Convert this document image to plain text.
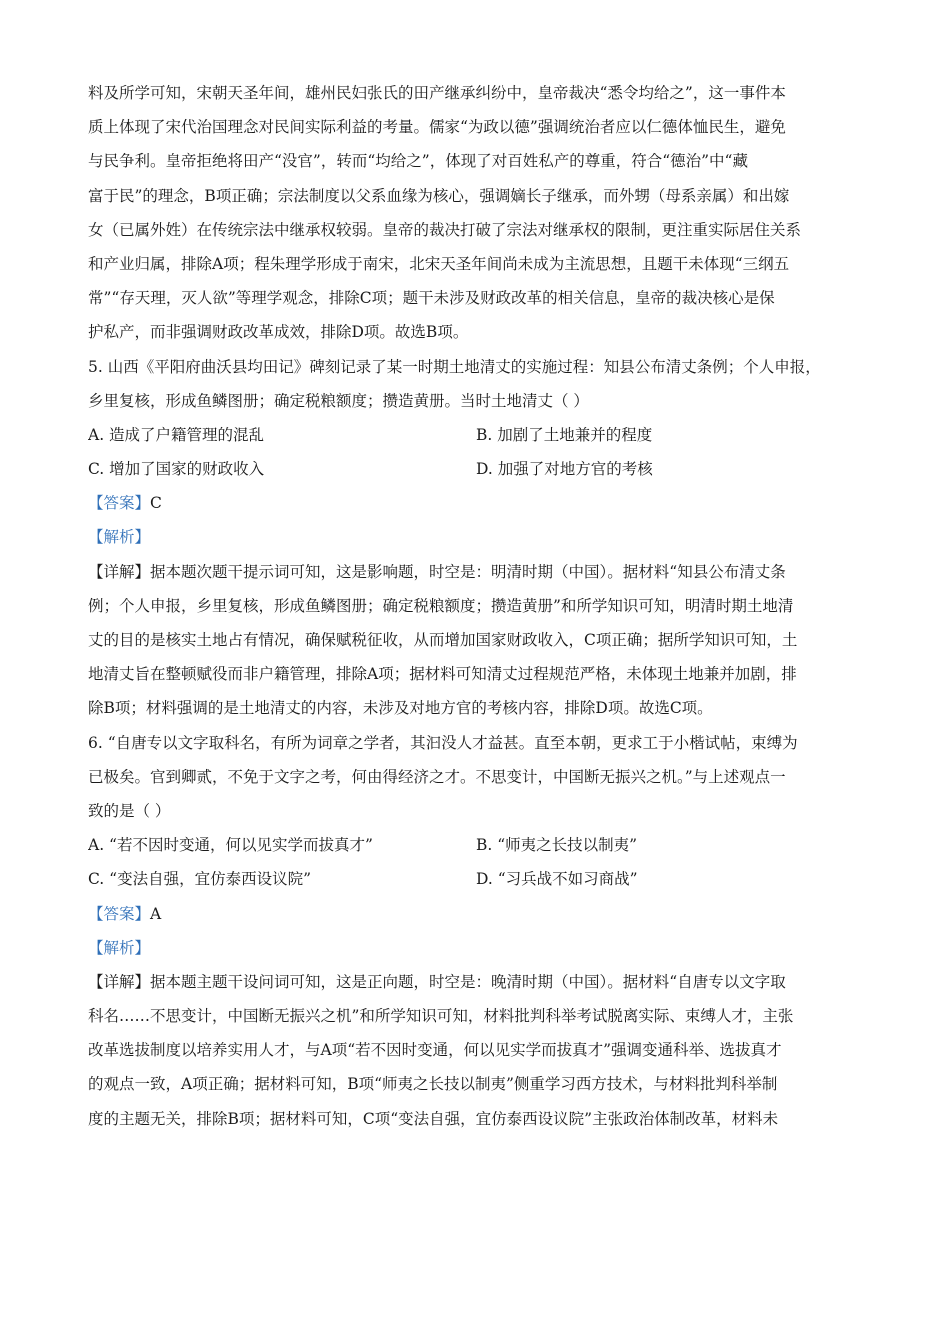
料及所学可知，宋朝天圣年间，雄州民妇张氏的田产继承纠纷中，皇帝裁决“悉令均给之”，这一事件本
质上体现了宋代治国理念对民间实际利益的考量。儒家“为政以德”强调统治者应以仁德体恤民生，避免
与民争利。皇帝拒绝将田产“没官”，转而“均给之”，体现了对百姓私产的尊重，符合“德治”中“藏
富于民”的理念，B项正确；宗法制度以父系血缘为核心，强调嫡长子继承，而外甥（母系亲属）和出嫁
女（已属外姓）在传统宗法中继承权较弱。皇帝的裁决打破了宗法对继承权的限制，更注重实际居住关系
和产业归属，排除A项；程朱理学形成于南宋，北宋天圣年间尚未成为主流思想，且题干未体现“三纲五
常”“存天理，灭人欲”等理学观念，排除C项；题干未涉及财政改革的相关信息，皇帝的裁决核心是保
护私产，而非强调财政改革成效，排除D项。故选B项。
5. 山西《平阳府曲沃县均田记》碑刻记录了某一时期土地清丈的实施过程：知县公布清丈条例；个人申报，
乡里复核，形成鱼鳞图册；确定税粮额度；攒造黄册。当时土地清丈（ ）
A. 造成了户籍管理的混乱	B. 加剧了土地兼并的程度
C. 增加了国家的财政收入	D. 加强了对地方官的考核
【答案】C
【解析】
【详解】据本题次题干提示词可知，这是影响题，时空是：明清时期（中国）。据材料“知县公布清丈条
例；个人申报，乡里复核，形成鱼鳞图册；确定税粮额度；攒造黄册”和所学知识可知，明清时期土地清
丈的目的是核实土地占有情况，确保赋税征收，从而增加国家财政收入，C项正确；据所学知识可知，土
地清丈旨在整顿赋役而非户籍管理，排除A项；据材料可知清丈过程规范严格，未体现土地兼并加剧，排
除B项；材料强调的是土地清丈的内容，未涉及对地方官的考核内容，排除D项。故选C项。
6. “自唐专以文字取科名，有所为词章之学者，其汩没人才益甚。直至本朝，更求工于小楷试帖，束缚为
已极矣。官到卿贰，不免于文字之考，何由得经济之才。不思变计，中国断无振兴之机。”与上述观点一
致的是（ ）
A. “若不因时变通，何以见实学而拔真才”	B. “师夷之长技以制夷”
C. “变法自强，宜仿泰西设议院”	D. “习兵战不如习商战”
【答案】A
【解析】
【详解】据本题主题干设问词可知，这是正向题，时空是：晚清时期（中国）。据材料“自唐专以文字取
科名……不思变计，中国断无振兴之机”和所学知识可知，材料批判科举考试脱离实际、束缚人才，主张
改革选拔制度以培养实用人才，与A项“若不因时变通，何以见实学而拔真才”强调变通科举、选拔真才
的观点一致，A项正确；据材料可知，B项“师夷之长技以制夷”侧重学习西方技术，与材料批判科举制
度的主题无关，排除B项；据材料可知，C项“变法自强，宜仿泰西设议院”主张政治体制改革，材料未
